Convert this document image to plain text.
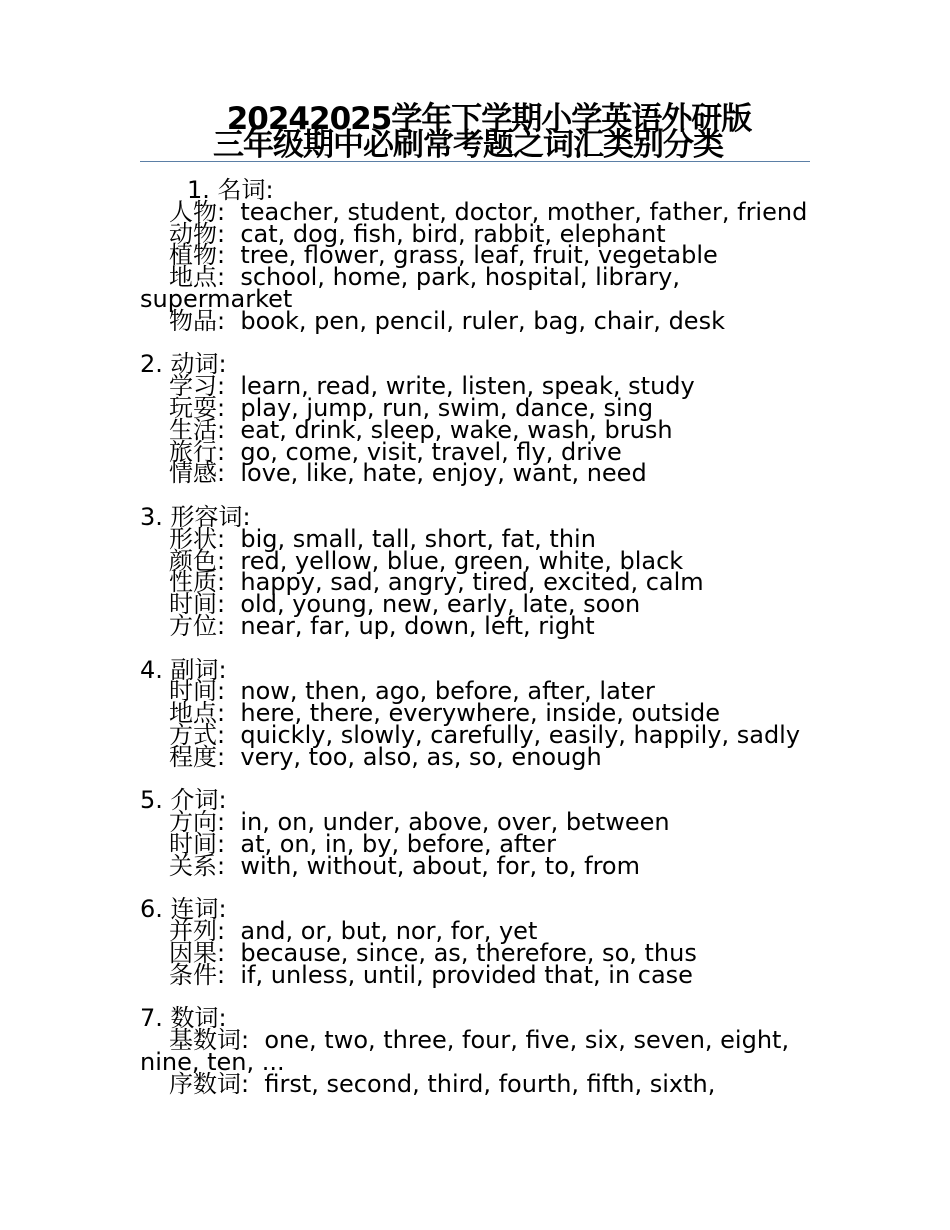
20242025学年下学期小学英语外研版
三年级期中必刷常考题之词汇类别分类
1. 名词:
人物: teacher, student, doctor, mother, father, friend
动物: cat, dog, fish, bird, rabbit, elephant
植物: tree, flower, grass, leaf, fruit, vegetable
地点: school, home, park, hospital, library, supermarket
物品: book, pen, pencil, ruler, bag, chair, desk
2. 动词:
学习: learn, read, write, listen, speak, study
玩耍: play, jump, run, swim, dance, sing
生活: eat, drink, sleep, wake, wash, brush
旅行: go, come, visit, travel, fly, drive
情感: love, like, hate, enjoy, want, need
3. 形容词:
形状: big, small, tall, short, fat, thin
颜色: red, yellow, blue, green, white, black
性质: happy, sad, angry, tired, excited, calm
时间: old, young, new, early, late, soon
方位: near, far, up, down, left, right
4. 副词:
时间: now, then, ago, before, after, later
地点: here, there, everywhere, inside, outside
方式: quickly, slowly, carefully, easily, happily, sadly
程度: very, too, also, as, so, enough
5. 介词:
方向: in, on, under, above, over, between
时间: at, on, in, by, before, after
关系: with, without, about, for, to, from
6. 连词:
并列: and, or, but, nor, for, yet
因果: because, since, as, therefore, so, thus
条件: if, unless, until, provided that, in case
7. 数词:
基数词: one, two, three, four, five, six, seven, eight, nine, ten, ...
序数词: first, second, third, fourth, fifth, sixth,
